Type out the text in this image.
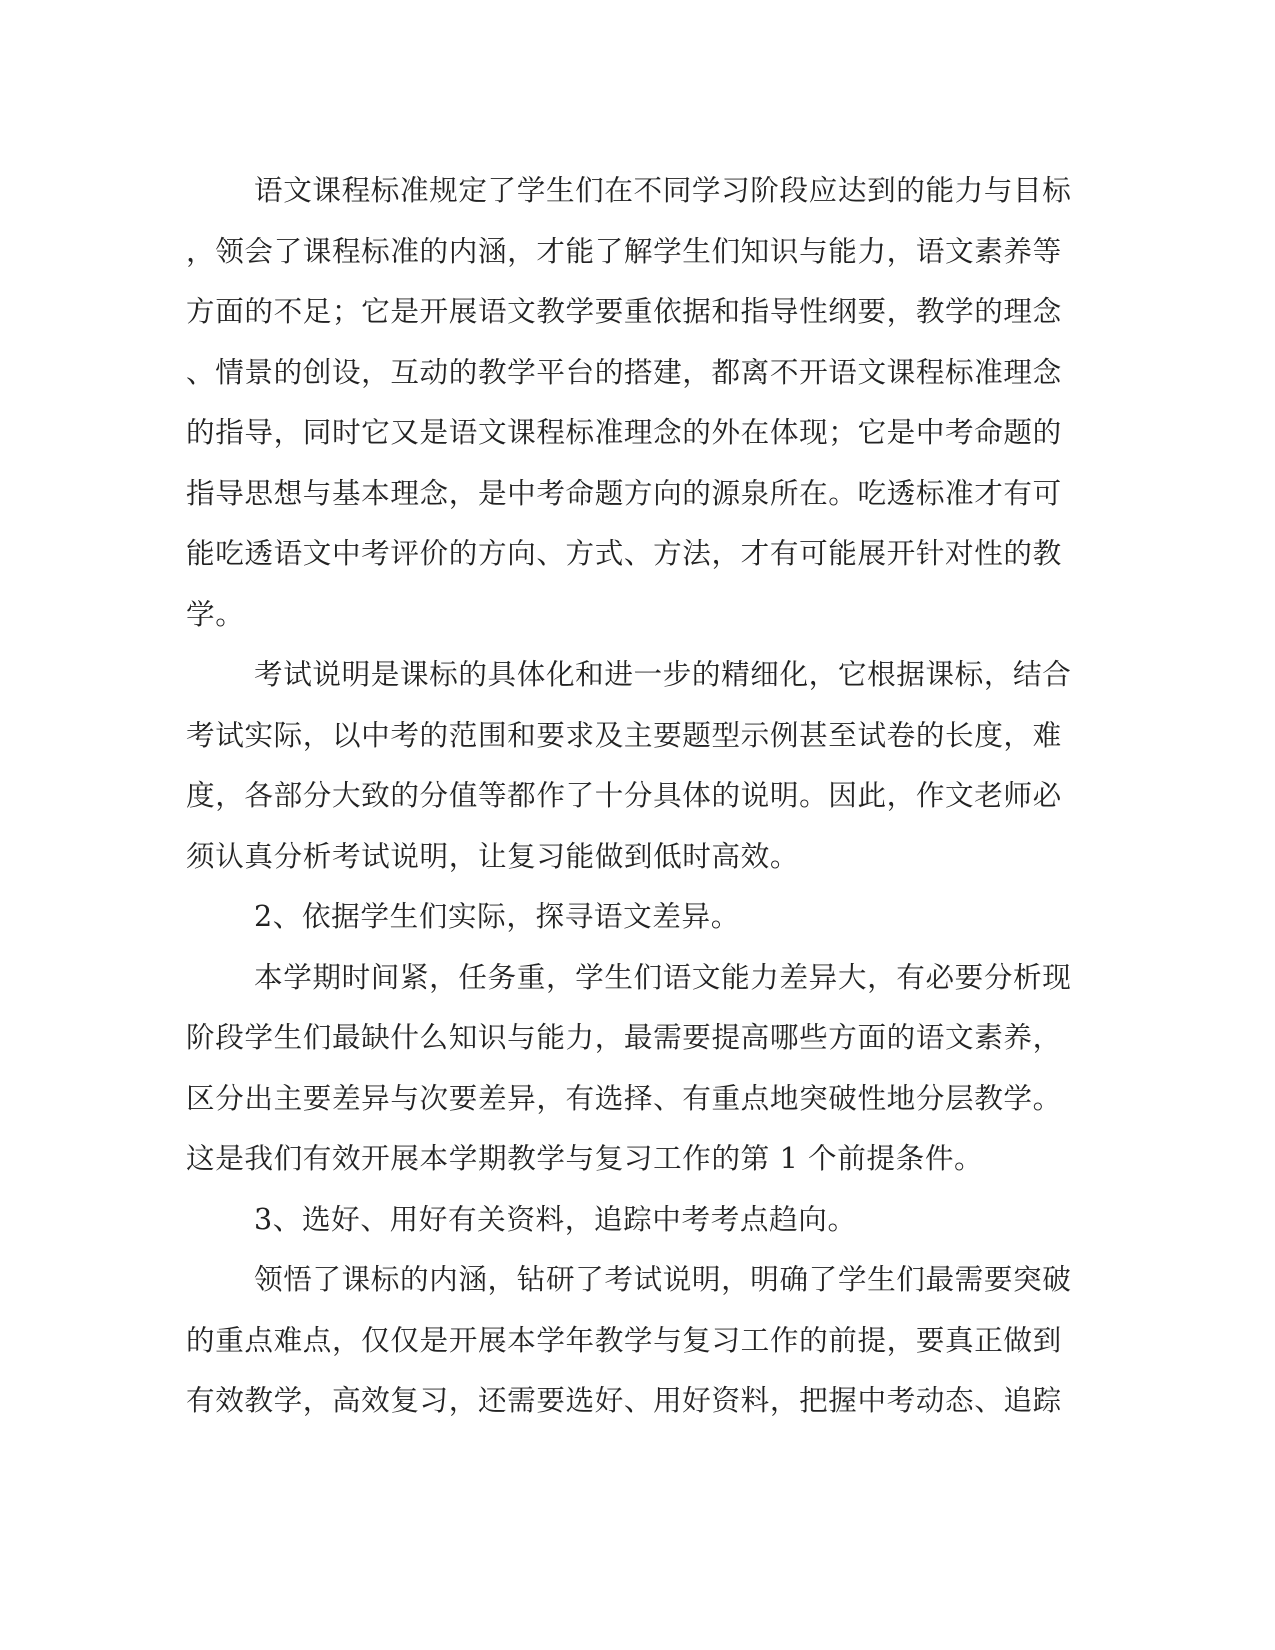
语文课程标准规定了学生们在不同学习阶段应达到的能力与目标
，领会了课程标准的内涵，才能了解学生们知识与能力，语文素养等
方面的不足；它是开展语文教学要重依据和指导性纲要，教学的理念
、情景的创设，互动的教学平台的搭建，都离不开语文课程标准理念
的指导，同时它又是语文课程标准理念的外在体现；它是中考命题的
指导思想与基本理念，是中考命题方向的源泉所在。吃透标准才有可
能吃透语文中考评价的方向、方式、方法，才有可能展开针对性的教
学。
考试说明是课标的具体化和进一步的精细化，它根据课标，结合
考试实际，以中考的范围和要求及主要题型示例甚至试卷的长度，难
度，各部分大致的分值等都作了十分具体的说明。因此，作文老师必
须认真分析考试说明，让复习能做到低时高效。
2、依据学生们实际，探寻语文差异。
本学期时间紧，任务重，学生们语文能力差异大，有必要分析现
阶段学生们最缺什么知识与能力，最需要提高哪些方面的语文素养，
区分出主要差异与次要差异，有选择、有重点地突破性地分层教学。
这是我们有效开展本学期教学与复习工作的第 1 个前提条件。
3、选好、用好有关资料，追踪中考考点趋向。
领悟了课标的内涵，钻研了考试说明，明确了学生们最需要突破
的重点难点，仅仅是开展本学年教学与复习工作的前提，要真正做到
有效教学，高效复习，还需要选好、用好资料，把握中考动态、追踪
